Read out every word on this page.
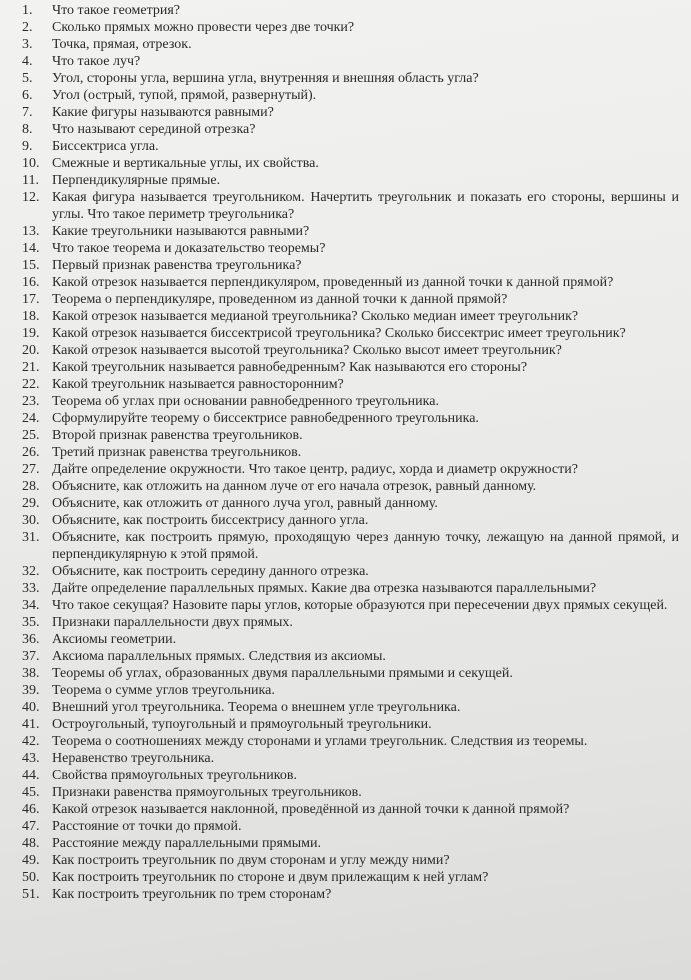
1.	Что такое геометрия?
2.	Сколько прямых можно провести через две точки?
3.	Точка, прямая, отрезок.
4.	Что такое луч?
5.	Угол, стороны угла, вершина угла, внутренняя и внешняя область угла?
6.	Угол (острый, тупой, прямой, развернутый).
7.	Какие фигуры называются равными?
8.	Что называют серединой отрезка?
9.	Биссектриса угла.
10. Смежные и вертикальные углы, их свойства.
11. Перпендикулярные прямые.
12. Какая фигура называется треугольником. Начертить треугольник и показать его стороны, вершины и углы. Что такое периметр треугольника?
13. Какие треугольники называются равными?
14. Что такое теорема и доказательство теоремы?
15. Первый признак равенства треугольника?
16. Какой отрезок называется перпендикуляром, проведенный из данной точки к данной прямой?
17. Теорема о перпендикуляре, проведенном из данной точки к данной прямой?
18. Какой отрезок называется медианой треугольника? Сколько медиан имеет треугольник?
19. Какой отрезок называется биссектрисой треугольника? Сколько биссектрис имеет треугольник?
20. Какой отрезок называется высотой треугольника? Сколько высот имеет треугольник?
21. Какой треугольник называется равнобедренным? Как называются его стороны?
22. Какой треугольник называется равносторонним?
23. Теорема об углах при основании равнобедренного треугольника.
24. Сформулируйте теорему о биссектрисе равнобедренного треугольника.
25. Второй признак равенства треугольников.
26. Третий признак равенства треугольников.
27. Дайте определение окружности. Что такое центр, радиус, хорда и диаметр окружности?
28. Объясните, как отложить на данном луче от его начала отрезок, равный данному.
29. Объясните, как отложить от данного луча угол, равный данному.
30. Объясните, как построить биссектрису данного угла.
31. Объясните, как построить прямую, проходящую через данную точку, лежащую на данной прямой, и перпендикулярную к этой прямой.
32. Объясните, как построить середину данного отрезка.
33. Дайте определение параллельных прямых. Какие два отрезка называются параллельными?
34. Что такое секущая? Назовите пары углов, которые образуются при пересечении двух прямых секущей.
35. Признаки параллельности двух прямых.
36. Аксиомы геометрии.
37. Аксиома параллельных прямых. Следствия из аксиомы.
38. Теоремы об углах, образованных двумя параллельными прямыми и секущей.
39. Теорема о сумме углов треугольника.
40. Внешний угол треугольника. Теорема о внешнем угле треугольника.
41. Остроугольный, тупоугольный и прямоугольный треугольники.
42. Теорема о соотношениях между сторонами и углами треугольник. Следствия из теоремы.
43. Неравенство треугольника.
44. Свойства прямоугольных треугольников.
45. Признаки равенства прямоугольных треугольников.
46. Какой отрезок называется наклонной, проведённой из данной точки к данной прямой?
47. Расстояние от точки до прямой.
48. Расстояние между параллельными прямыми.
49. Как построить треугольник по двум сторонам и углу между ними?
50. Как построить треугольник по стороне и двум прилежащим к ней углам?
51. Как построить треугольник по трем сторонам?
